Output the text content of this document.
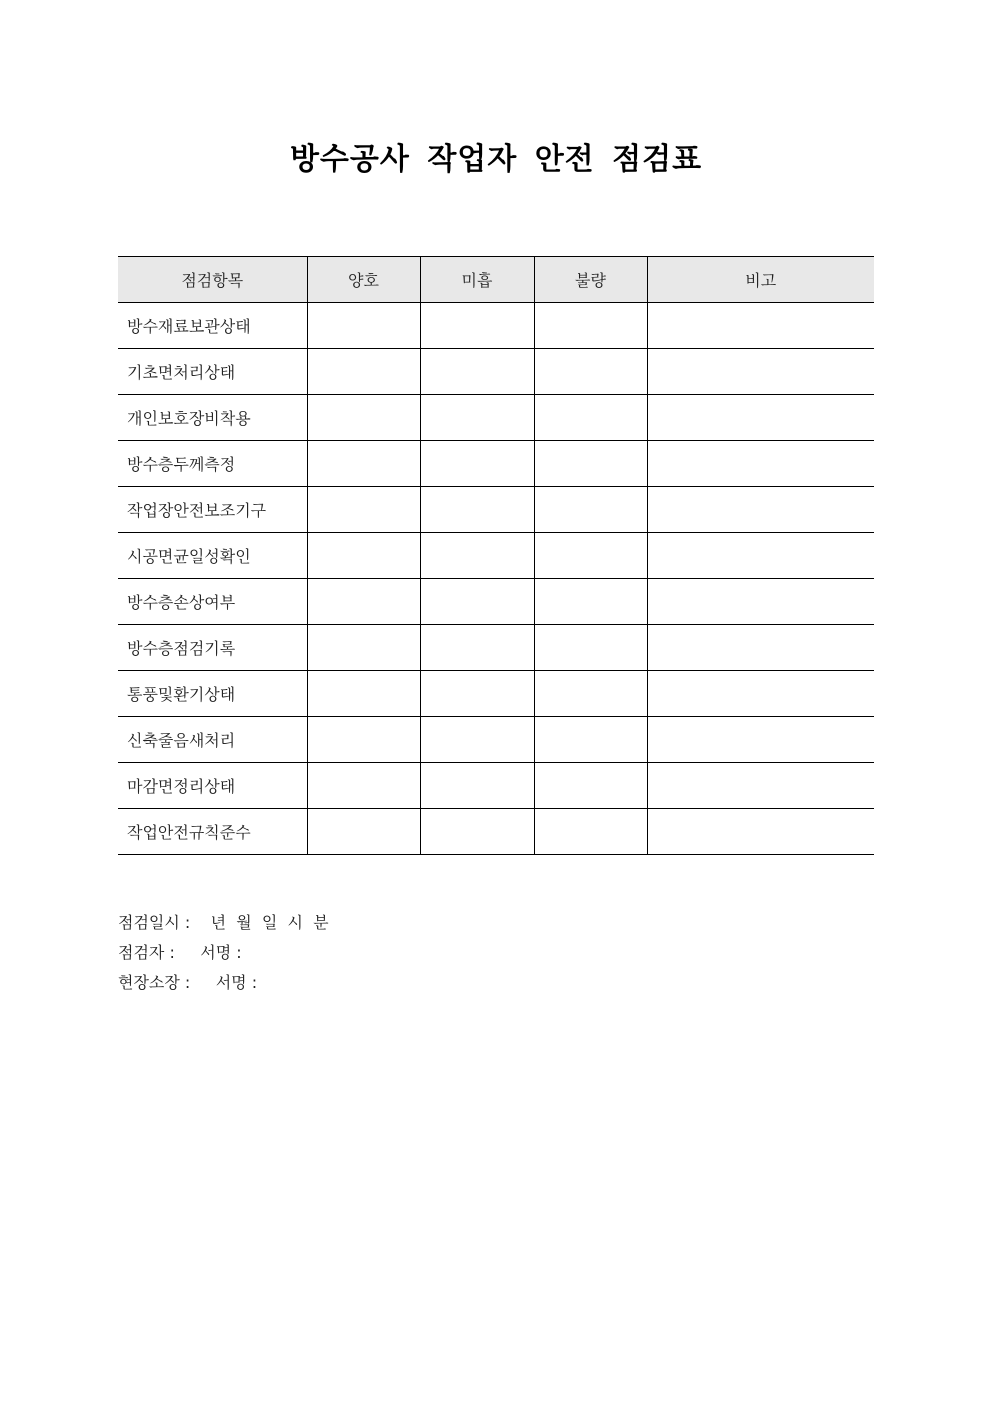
방수공사 작업자 안전 점검표
점검항목	양호	미흡	불량	비고
방수재료보관상태				
기초면처리상태				
개인보호장비착용				
방수층두께측정				
작업장안전보조기구				
시공면균일성확인				
방수층손상여부				
방수층점검기록				
통풍및환기상태				
신축줄음새처리				
마감면정리상태				
작업안전규칙준수				
점검일시 :    년  월  일  시  분
점검자 :     서명 :
현장소장 :     서명 :
